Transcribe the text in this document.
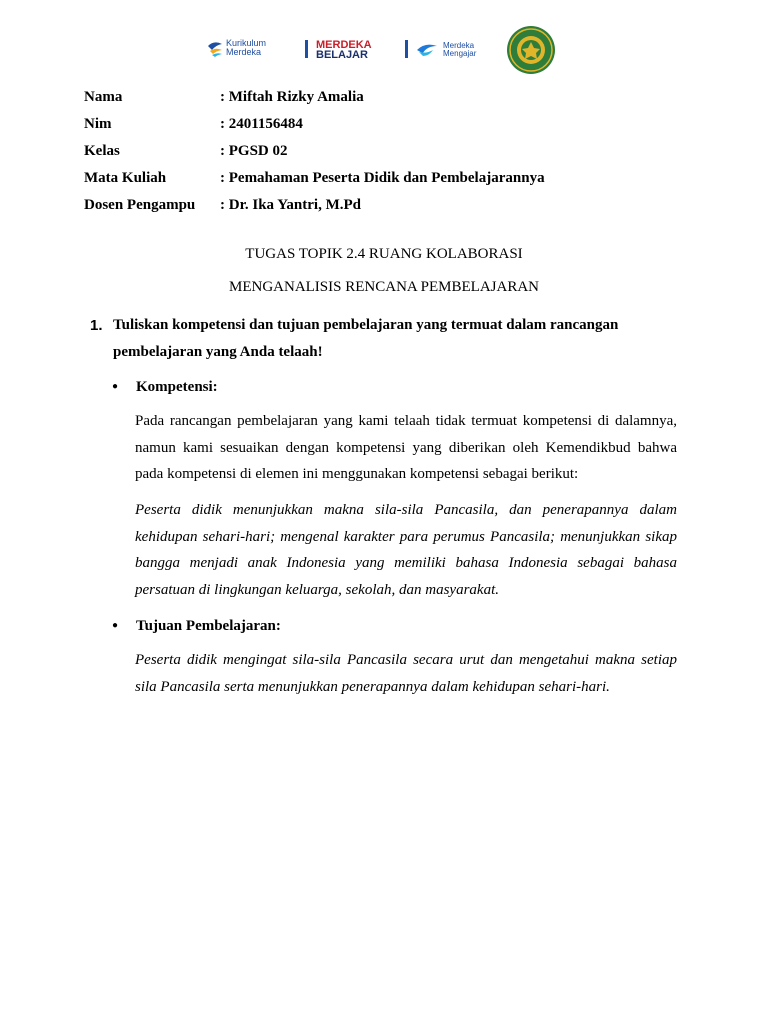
Kurikulum
Merdeka
MERDEKA
BELAJAR
Merdeka
Mengajar
Nama	: Miftah Rizky Amalia
Nim	: 2401156484
Kelas	: PGSD 02
Mata Kuliah	: Pemahaman Peserta Didik dan Pembelajarannya
Dosen Pengampu	: Dr. Ika Yantri, M.Pd
TUGAS TOPIK 2.4 RUANG KOLABORASI
MENGANALISIS RENCANA PEMBELAJARAN
1. Tuliskan kompetensi dan tujuan pembelajaran yang termuat dalam rancangan pembelajaran yang Anda telaah!
●	Kompetensi:
Pada rancangan pembelajaran yang kami telaah tidak termuat kompetensi di dalamnya, namun kami sesuaikan dengan kompetensi yang diberikan oleh Kemendikbud bahwa pada kompetensi di elemen ini menggunakan kompetensi sebagai berikut:
Peserta didik menunjukkan makna sila-sila Pancasila, dan penerapannya dalam kehidupan sehari-hari; mengenal karakter para perumus Pancasila; menunjukkan sikap bangga menjadi anak Indonesia yang memiliki bahasa Indonesia sebagai bahasa persatuan di lingkungan keluarga, sekolah, dan masyarakat.
●	Tujuan Pembelajaran:
Peserta didik mengingat sila-sila Pancasila secara urut dan mengetahui makna setiap sila Pancasila serta menunjukkan penerapannya dalam kehidupan sehari-hari.
